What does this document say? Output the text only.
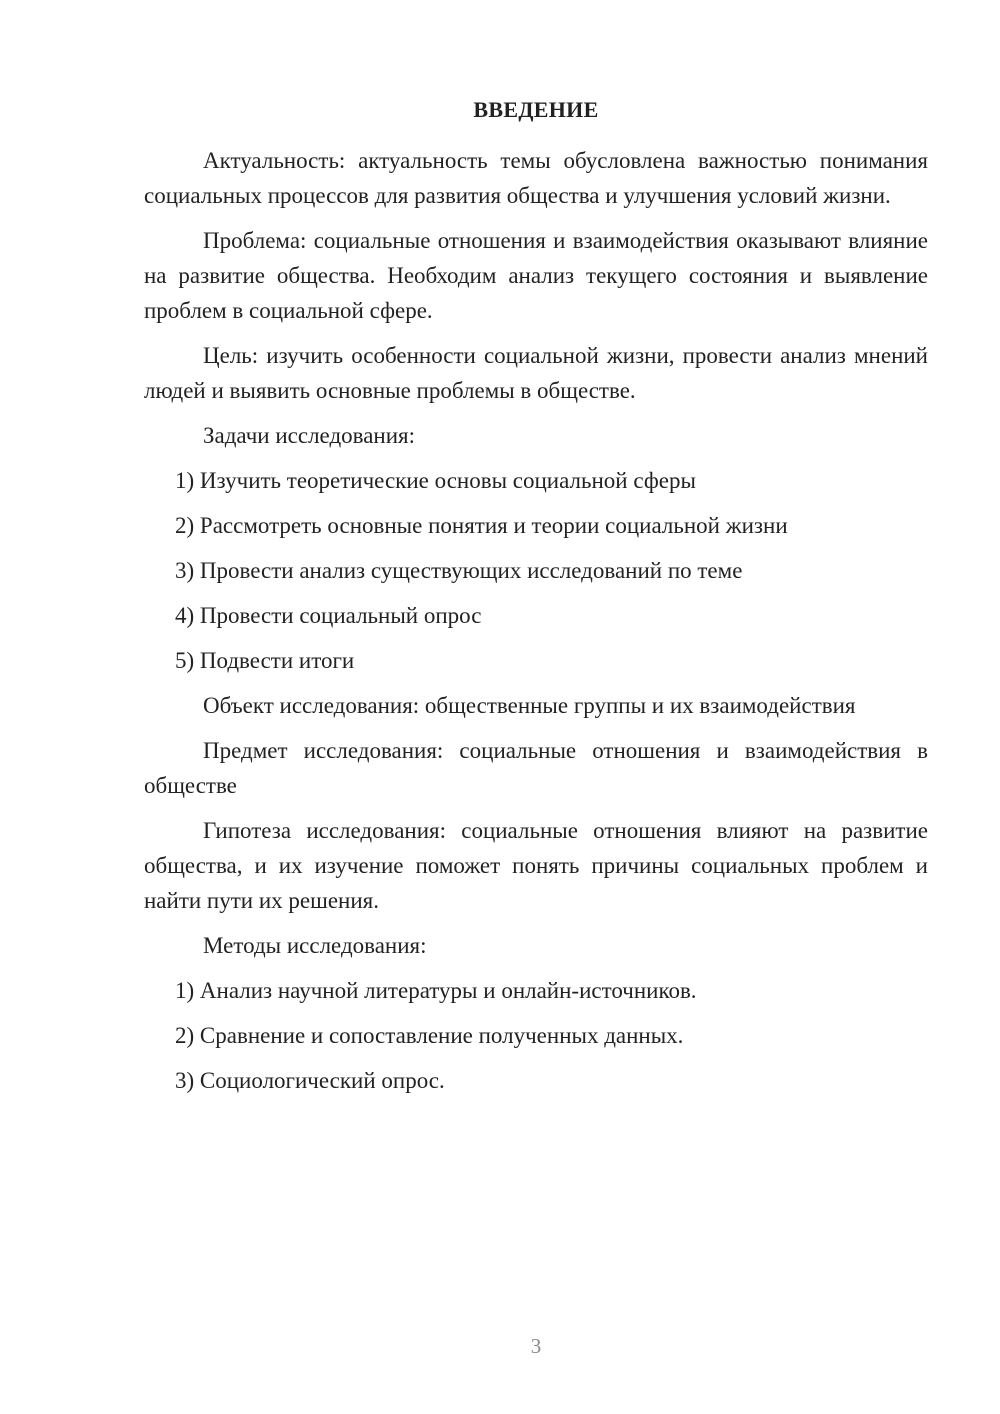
ВВЕДЕНИЕ
Актуальность: актуальность темы обусловлена важностью понимания социальных процессов для развития общества и улучшения условий жизни.
Проблема: социальные отношения и взаимодействия оказывают влияние на развитие общества. Необходим анализ текущего состояния и выявление проблем в социальной сфере.
Цель: изучить особенности социальной жизни, провести анализ мнений людей и выявить основные проблемы в обществе.
Задачи исследования:
1) Изучить теоретические основы социальной сферы
2) Рассмотреть основные понятия и теории социальной жизни
3) Провести анализ существующих исследований по теме
4) Провести социальный опрос
5) Подвести итоги
Объект исследования: общественные группы и их взаимодействия
Предмет исследования: социальные отношения и взаимодействия в обществе
Гипотеза исследования: социальные отношения влияют на развитие общества, и их изучение поможет понять причины социальных проблем и найти пути их решения.
Методы исследования:
1) Анализ научной литературы и онлайн-источников.
2) Сравнение и сопоставление полученных данных.
3) Социологический опрос.
3
